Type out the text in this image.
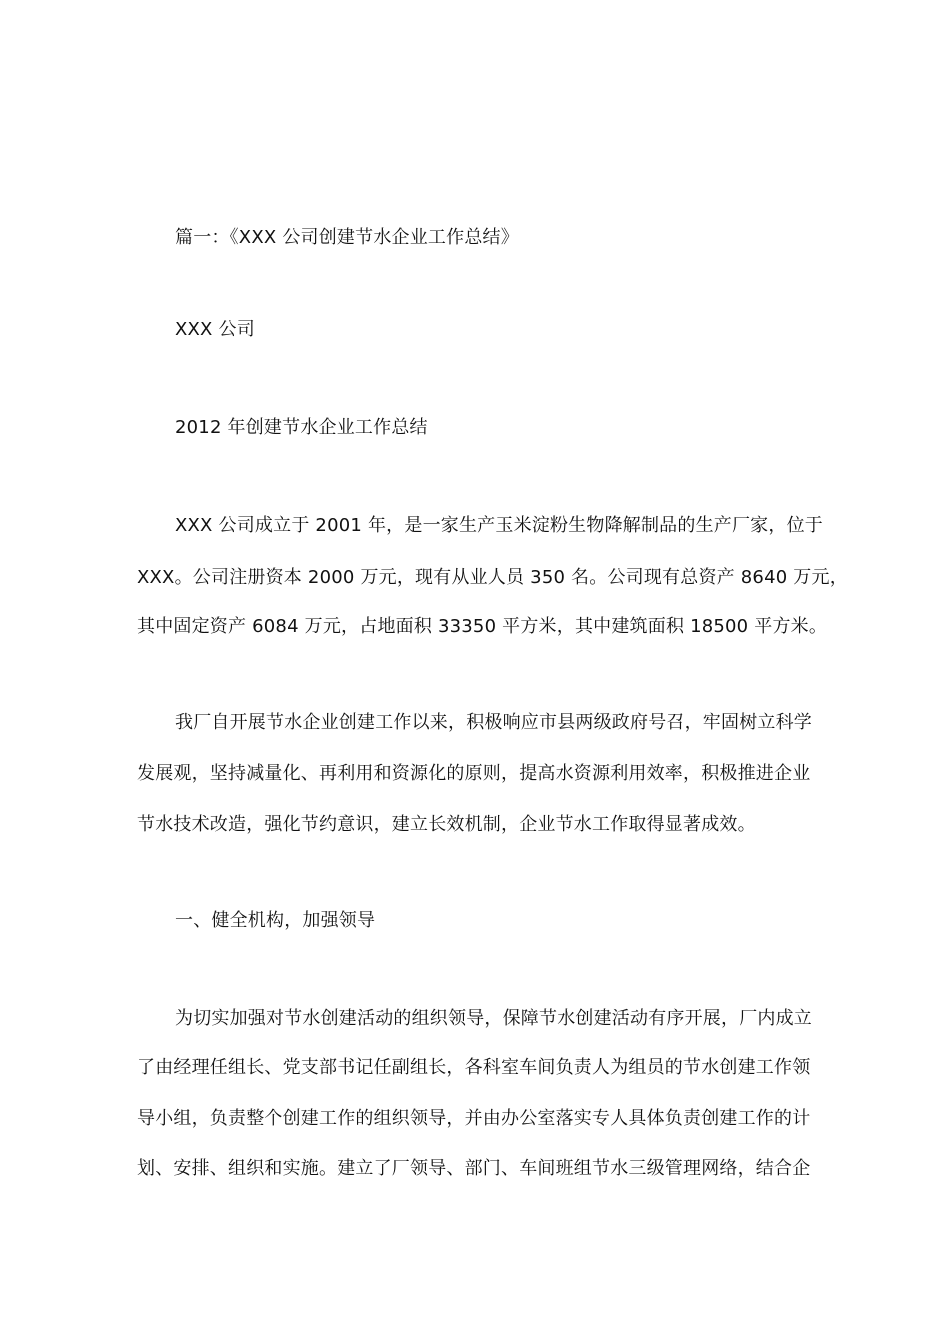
篇一：《XXX 公司创建节水企业工作总结》
XXX 公司
2012 年创建节水企业工作总结
XXX 公司成立于 2001 年，是一家生产玉米淀粉生物降解制品的生产厂家，位于
XXX。公司注册资本 2000 万元，现有从业人员 350 名。公司现有总资产 8640 万元，
其中固定资产 6084 万元，占地面积 33350 平方米，其中建筑面积 18500 平方米。
我厂自开展节水企业创建工作以来，积极响应市县两级政府号召，牢固树立科学
发展观，坚持减量化、再利用和资源化的原则，提高水资源利用效率，积极推进企业
节水技术改造，强化节约意识，建立长效机制，企业节水工作取得显著成效。
一、健全机构，加强领导
为切实加强对节水创建活动的组织领导，保障节水创建活动有序开展，厂内成立
了由经理任组长、党支部书记任副组长，各科室车间负责人为组员的节水创建工作领
导小组，负责整个创建工作的组织领导，并由办公室落实专人具体负责创建工作的计
划、安排、组织和实施。建立了厂领导、部门、车间班组节水三级管理网络，结合企
